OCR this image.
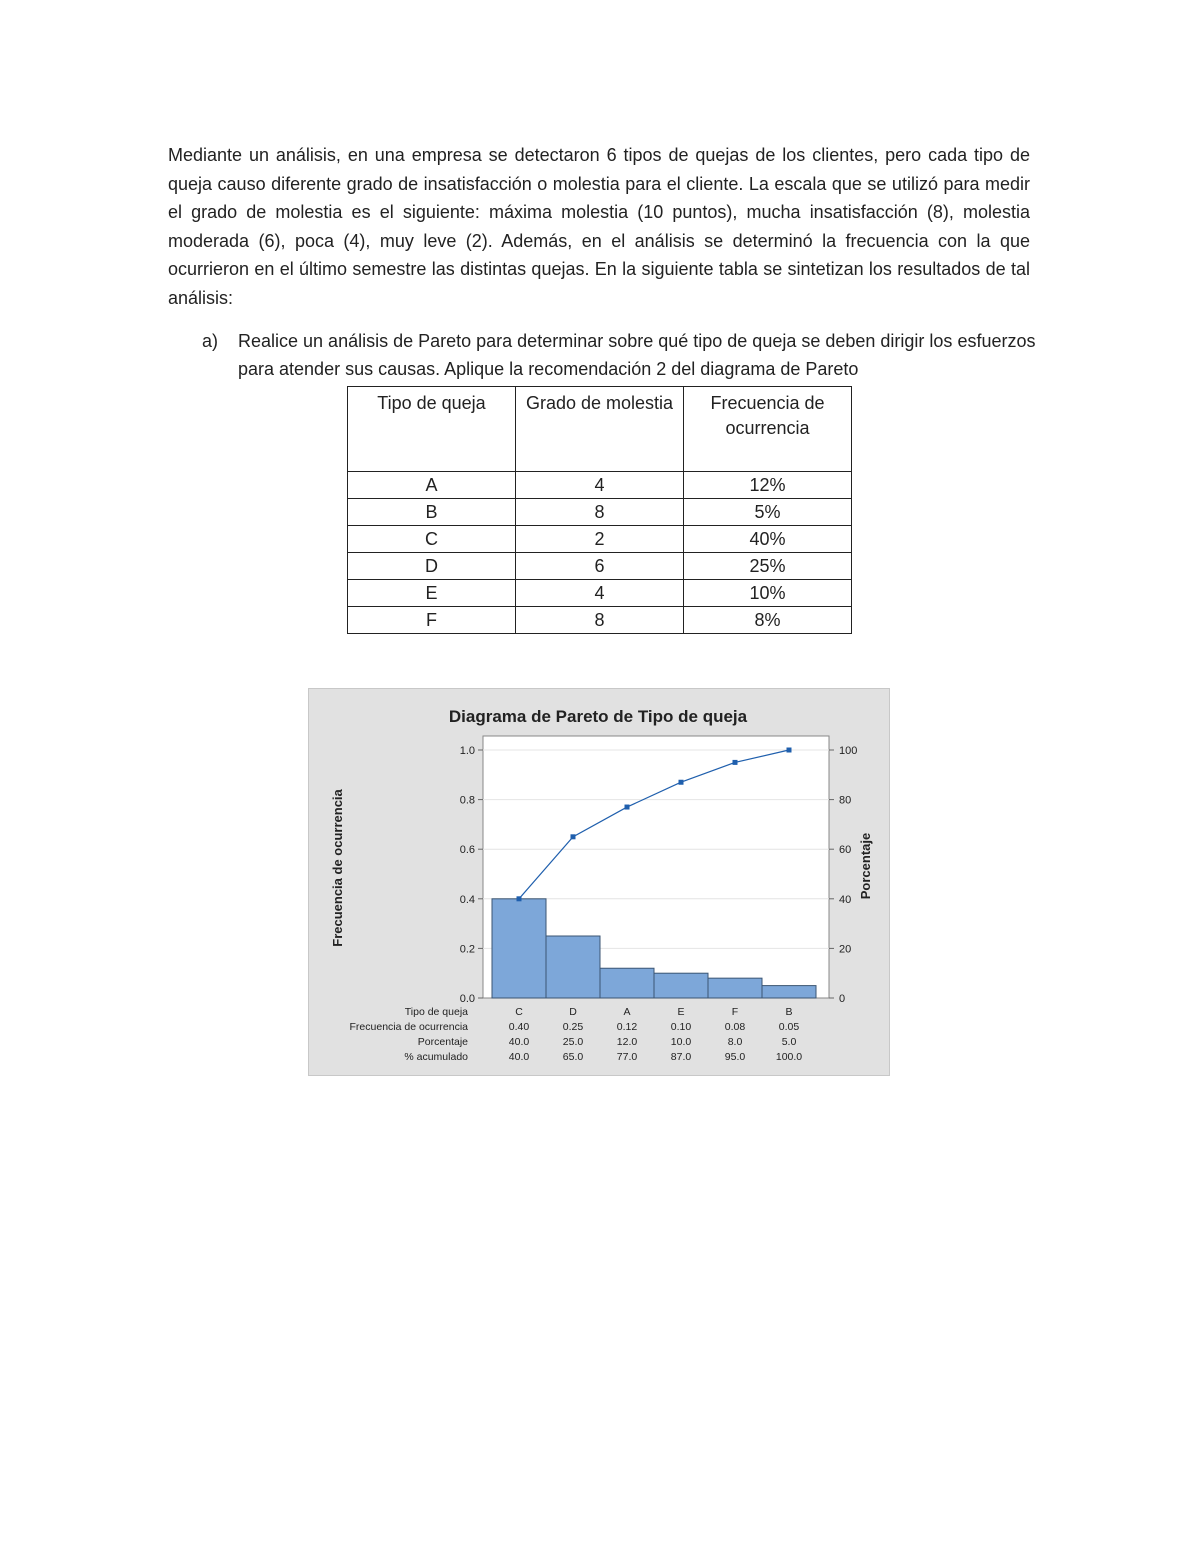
Mediante un análisis, en una empresa se detectaron 6 tipos de quejas de los clientes, pero cada tipo de queja causo diferente grado de insatisfacción o molestia para el cliente. La escala que se utilizó para medir el grado de molestia es el siguiente: máxima molestia (10 puntos), mucha insatisfacción (8), molestia moderada (6), poca (4), muy leve (2). Además, en el análisis se determinó la frecuencia con la que ocurrieron en el último semestre las distintas quejas. En la siguiente tabla se sintetizan los resultados de tal análisis:

a) Realice un análisis de Pareto para determinar sobre qué tipo de queja se deben dirigir los esfuerzos para atender sus causas. Aplique la recomendación 2 del diagrama de Pareto
Tipo de queja	Grado de molestia	Frecuencia de ocurrencia
A	4	12%
B	8	5%
C	2	40%
D	6	25%
E	4	10%
F	8	8%
Diagrama de Pareto de Tipo de queja
0.0
0.2
0.4
0.6
0.8
1.0
0
20
40
60
80
100
Tipo de queja	C	D	A	E	F	B
Frecuencia de ocurrencia	0.40	0.25	0.12	0.10	0.08	0.05
Porcentaje	40.0	25.0	12.0	10.0	8.0	5.0
% acumulado	40.0	65.0	77.0	87.0	95.0	100.0
Frecuencia de ocurrencia	Porcentaje
